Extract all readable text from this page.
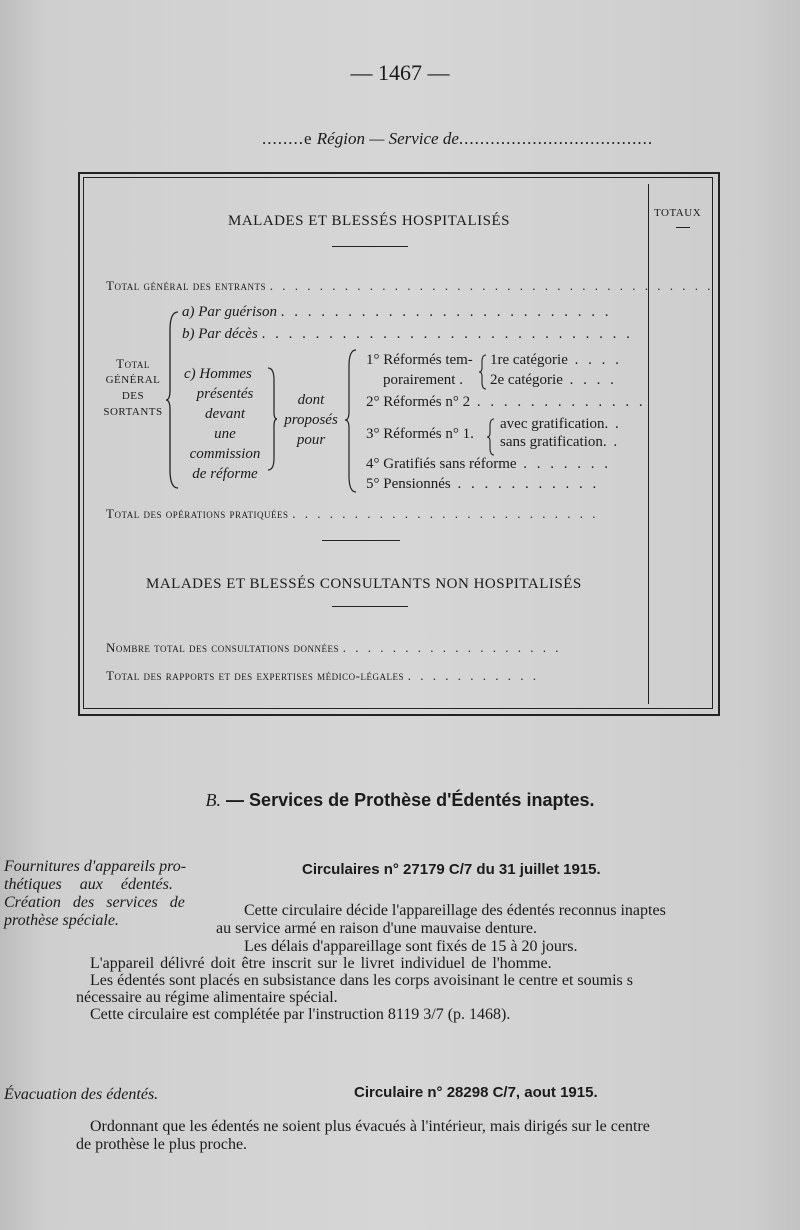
— 1467 —
........e Région — Service de.....................................
TOTAUX
MALADES ET BLESSÉS HOSPITALISÉS
Total général des entrants . . . . . . . . . . . . . . . . . . . . . . . . . . . . . . . . . . . .
a) Par guérison . . . . . . . . . . . . . . . . . . . . . . . . .
b) Par décès . . . . . . . . . . . . . . . . . . . . . . . . . . . .
Total
GÉNÉRAL
DES
SORTANTS
c) Hommes
présentés
devant
une
commission
de réforme
dont
proposés
pour
1° Réformés tem-
porairement .
1re catégorie . . . .
2e catégorie . . . .
2° Réformés n° 2 . . . . . . . . . . . . .
3° Réformés n° 1.
avec gratification. .
sans gratification. .
4° Gratifiés sans réforme . . . . . . .
5° Pensionnés . . . . . . . . . . .
Total des opérations pratiquées . . . . . . . . . . . . . . . . . . . . . . . . .
MALADES ET BLESSÉS CONSULTANTS NON HOSPITALISÉS
Nombre total des consultations données . . . . . . . . . . . . . . . . . .
Total des rapports et des expertises médico-légales . . . . . . . . . . .
B. — Services de Prothèse d'Édentés inaptes.
Fournitures d'appareils pro-
thétiques aux édentés.
Création des services de
prothèse spéciale.
Circulaires n° 27179 C/7 du 31 juillet 1915.
Cette circulaire décide l'appareillage des édentés reconnus inaptes
au service armé en raison d'une mauvaise denture.
Les délais d'appareillage sont fixés de 15 à 20 jours.
L'appareil délivré doit être inscrit sur le livret individuel de l'homme.
Les édentés sont placés en subsistance dans les corps avoisinant le centre et soumis s
nécessaire au régime alimentaire spécial.
Cette circulaire est complétée par l'instruction 8119 3/7 (p. 1468).
Évacuation des édentés.	Circulaire n° 28298 C/7, aout 1915.
Ordonnant que les édentés ne soient plus évacués à l'intérieur, mais dirigés sur le centre
de prothèse le plus proche.
